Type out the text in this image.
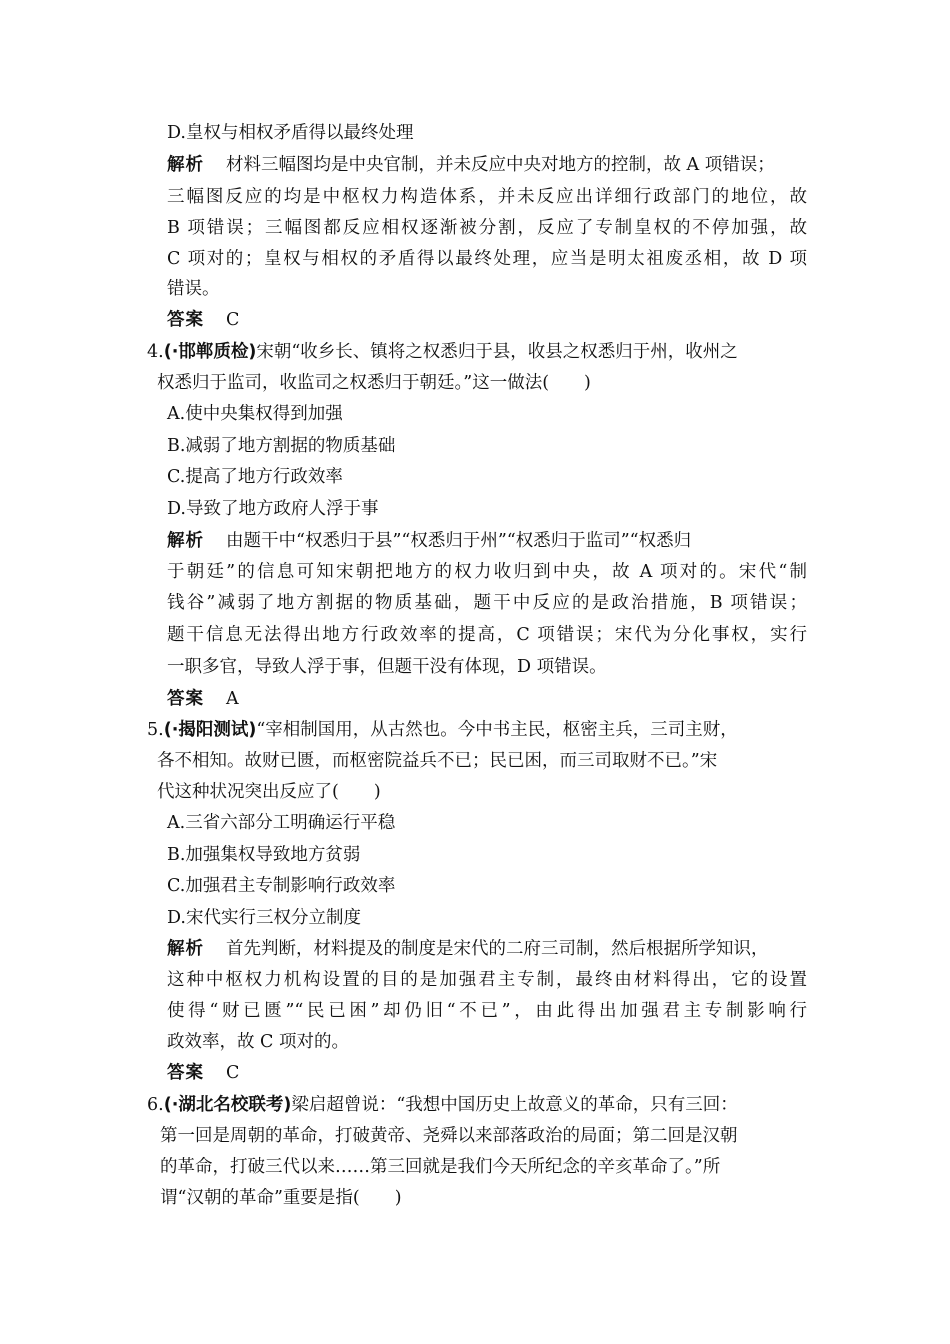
D.皇权与相权矛盾得以最终处理
解析 材料三幅图均是中央官制，并未反应中央对地方的控制，故 A 项错误；
三幅图反应的均是中枢权力构造体系，并未反应出详细行政部门的地位，故
B 项错误；三幅图都反应相权逐渐被分割，反应了专制皇权的不停加强，故
C 项对的；皇权与相权的矛盾得以最终处理，应当是明太祖废丞相，故 D 项
错误。
答案 C
4.(·邯郸质检)宋朝“收乡长、镇将之权悉归于县，收县之权悉归于州，收州之
权悉归于监司，收监司之权悉归于朝廷。”这一做法(　　)
A.使中央集权得到加强
B.减弱了地方割据的物质基础
C.提高了地方行政效率
D.导致了地方政府人浮于事
解析 由题干中“权悉归于县”“权悉归于州”“权悉归于监司”“权悉归
于朝廷”的信息可知宋朝把地方的权力收归到中央，故 A 项对的。宋代“制
钱谷”减弱了地方割据的物质基础，题干中反应的是政治措施，B 项错误；
题干信息无法得出地方行政效率的提高，C 项错误；宋代为分化事权，实行
一职多官，导致人浮于事，但题干没有体现，D 项错误。
答案 A
5.(·揭阳测试)“宰相制国用，从古然也。今中书主民，枢密主兵，三司主财，
各不相知。故财已匮，而枢密院益兵不已；民已困，而三司取财不已。”宋
代这种状况突出反应了(　　)
A.三省六部分工明确运行平稳
B.加强集权导致地方贫弱
C.加强君主专制影响行政效率
D.宋代实行三权分立制度
解析 首先判断，材料提及的制度是宋代的二府三司制，然后根据所学知识，
这种中枢权力机构设置的目的是加强君主专制，最终由材料得出，它的设置
使得“财已匮”“民已困”却仍旧“不已”，由此得出加强君主专制影响行
政效率，故 C 项对的。
答案 C
6.(·湖北名校联考)梁启超曾说：“我想中国历史上故意义的革命，只有三回：
第一回是周朝的革命，打破黄帝、尧舜以来部落政治的局面；第二回是汉朝
的革命，打破三代以来……第三回就是我们今天所纪念的辛亥革命了。”所
谓“汉朝的革命”重要是指(　　)
